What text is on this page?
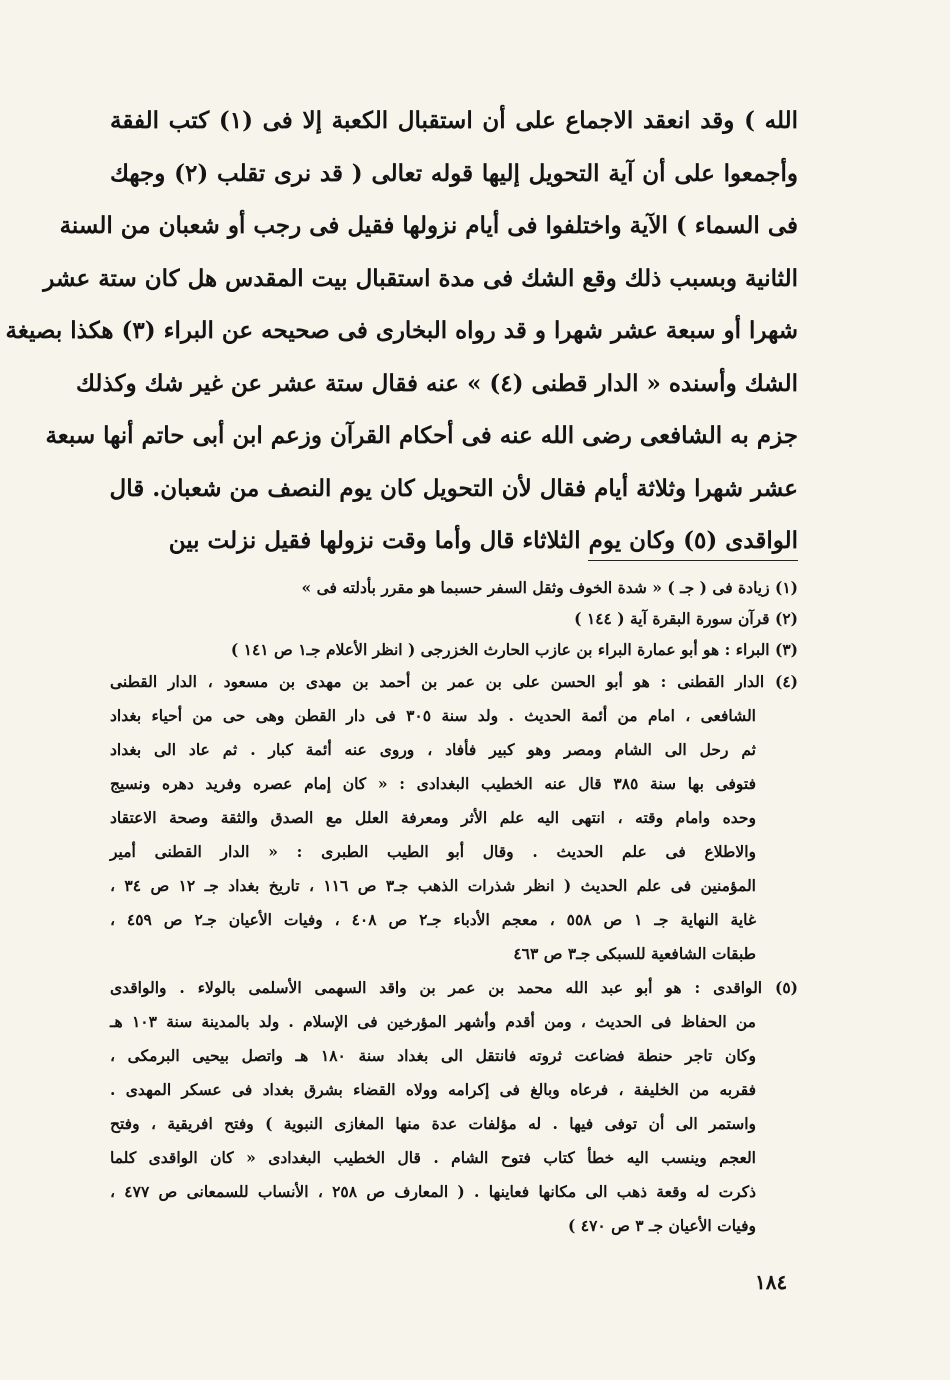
الله ) وقد انعقد الاجماع على أن استقبال الكعبة إلا فى (١) كتب الفقة
وأجمعوا على أن آية التحويل إليها قوله تعالى ( قد نرى تقلب (٢) وجهك
فى السماء ) الآية واختلفوا فى أيام نزولها فقيل فى رجب أو شعبان من السنة
الثانية وبسبب ذلك وقع الشك فى مدة استقبال بيت المقدس هل كان ستة عشر
شهرا أو سبعة عشر شهرا و قد رواه البخارى فى صحيحه عن البراء (٣) هكذا بصيغة
الشك وأسنده « الدار قطنى (٤) » عنه فقال ستة عشر عن غير شك وكذلك
جزم به الشافعى رضى الله عنه فى أحكام القرآن وزعم ابن أبى حاتم أنها سبعة
عشر شهرا وثلاثة أيام فقال لأن التحويل كان يوم النصف من شعبان. قال
الواقدى (٥) وكان يوم الثلاثاء قال وأما وقت نزولها فقيل نزلت بين
(١) زيادة فى ( جـ ) « شدة الخوف وثقل السفر حسبما هو مقرر بأدلته فى »
(٢) قرآن سورة البقرة آية ( ١٤٤ )
(٣) البراء : هو أبو عمارة البراء بن عازب الحارث الخزرجى ( انظر الأعلام جـ١ ص ١٤١ )
(٤) الدار القطنى : هو أبو الحسن على بن عمر بن أحمد بن مهدى بن مسعود ، الدار القطنى
الشافعى ، امام من أئمة الحديث . ولد سنة ٣٠٥ فى دار القطن وهى حى من أحياء بغداد
ثم رحل الى الشام ومصر وهو كبير فأفاد ، وروى عنه أئمة كبار . ثم عاد الى بغداد
فتوفى بها سنة ٣٨٥ قال عنه الخطيب البغدادى : « كان إمام عصره وفريد دهره ونسيج
وحده وامام وقته ، انتهى اليه علم الأثر ومعرفة العلل مع الصدق والثقة وصحة الاعتقاد
والاطلاع فى علم الحديث . وقال أبو الطيب الطبرى : « الدار القطنى أمير
المؤمنين فى علم الحديث ( انظر شذرات الذهب جـ٣ ص ١١٦ ، تاريخ بغداد جـ ١٢ ص ٣٤ ،
غاية النهاية جـ ١ ص ٥٥٨ ، معجم الأدباء جـ٢ ص ٤٠٨ ، وفيات الأعيان جـ٢ ص ٤٥٩ ،
طبقات الشافعية للسبكى جـ٣ ص ٤٦٣
(٥) الواقدى : هو أبو عبد الله محمد بن عمر بن واقد السهمى الأسلمى بالولاء . والواقدى
من الحفاظ فى الحديث ، ومن أقدم وأشهر المؤرخين فى الإسلام . ولد بالمدينة سنة ١٠٣ هـ
وكان تاجر حنطة فضاعت ثروته فانتقل الى بغداد سنة ١٨٠ هـ واتصل بيحيى البرمكى ،
فقربه من الخليفة ، فرعاه وبالغ فى إكرامه وولاه القضاء بشرق بغداد فى عسكر المهدى .
واستمر الى أن توفى فيها . له مؤلفات عدة منها المغازى النبوية ) وفتح افريقية ، وفتح
العجم وينسب اليه خطأ كتاب فتوح الشام . قال الخطيب البغدادى « كان الواقدى كلما
ذكرت له وقعة ذهب الى مكانها فعاينها . ( المعارف ص ٢٥٨ ، الأنساب للسمعانى ص ٤٧٧ ،
وفيات الأعيان جـ ٣ ص ٤٧٠ )
١٨٤
